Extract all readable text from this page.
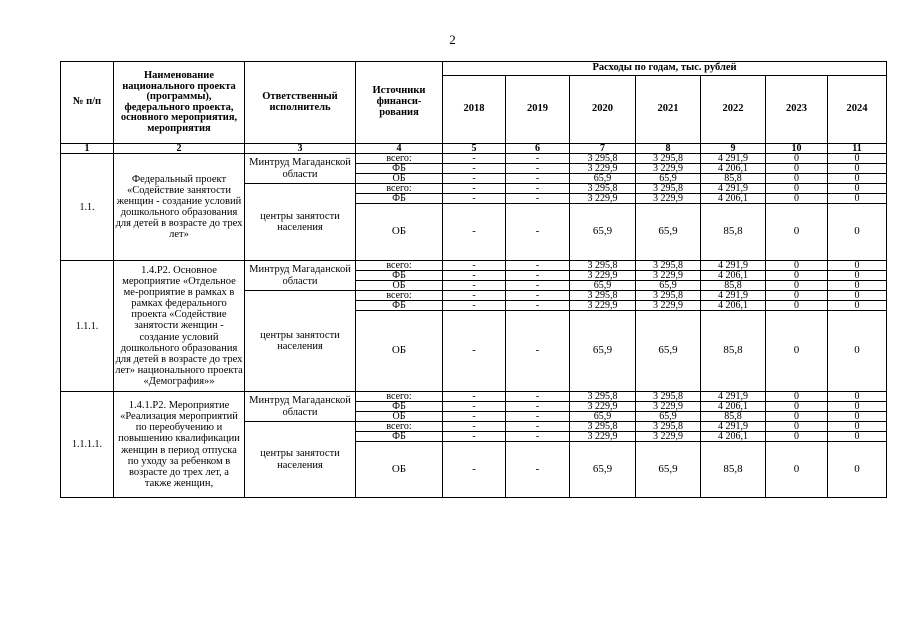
2
№ п/п	Наименование национального проекта (программы), федерального проекта, основного мероприятия, мероприятия	Ответственный исполнитель	Источники финанси-рования	Расходы по годам, тыс. рублей						
				2018	2019	2020	2021	2022	2023	2024
1	2	3	4	5	6	7	8	9	10	11
1.1.	Федеральный проект «Содействие занятости женщин - создание условий дошкольного образования для детей в возрасте до трех лет»	Минтруд Магаданской области	всего:	-	-	3 295,8	3 295,8	4 291,9	0	0
			ФБ	-	-	3 229,9	3 229,9	4 206,1	0	0
			ОБ	-	-	65,9	65,9	85,8	0	0
		центры занятости населения	всего:	-	-	3 295,8	3 295,8	4 291,9	0	0
			ФБ	-	-	3 229,9	3 229,9	4 206,1	0	0
			ОБ	-	-	65,9	65,9	85,8	0	0
1.1.1.	1.4.Р2. Основное мероприятие «Отдельное ме-роприятие в рамках в рамках федерального проекта «Содействие занятости женщин - создание условий дошкольного образования для детей в возрасте до трех лет» национального проекта «Демография»»	Минтруд Магаданской области	всего:	-	-	3 295,8	3 295,8	4 291,9	0	0
			ФБ	-	-	3 229,9	3 229,9	4 206,1	0	0
			ОБ	-	-	65,9	65,9	85,8	0	0
		центры занятости населения	всего:	-	-	3 295,8	3 295,8	4 291,9	0	0
			ФБ	-	-	3 229,9	3 229,9	4 206,1	0	0
			ОБ	-	-	65,9	65,9	85,8	0	0
1.1.1.1.	1.4.1.Р2. Мероприятие «Реализация мероприятий по переобучению и повышению квалификации женщин в период отпуска по уходу за ребенком в возрасте до трех лет, а также женщин,	Минтруд Магаданской области	всего:	-	-	3 295,8	3 295,8	4 291,9	0	0
			ФБ	-	-	3 229,9	3 229,9	4 206,1	0	0
			ОБ	-	-	65,9	65,9	85,8	0	0
		центры занятости населения	всего:	-	-	3 295,8	3 295,8	4 291,9	0	0
			ФБ	-	-	3 229,9	3 229,9	4 206,1	0	0
			ОБ	-	-	65,9	65,9	85,8	0	0
